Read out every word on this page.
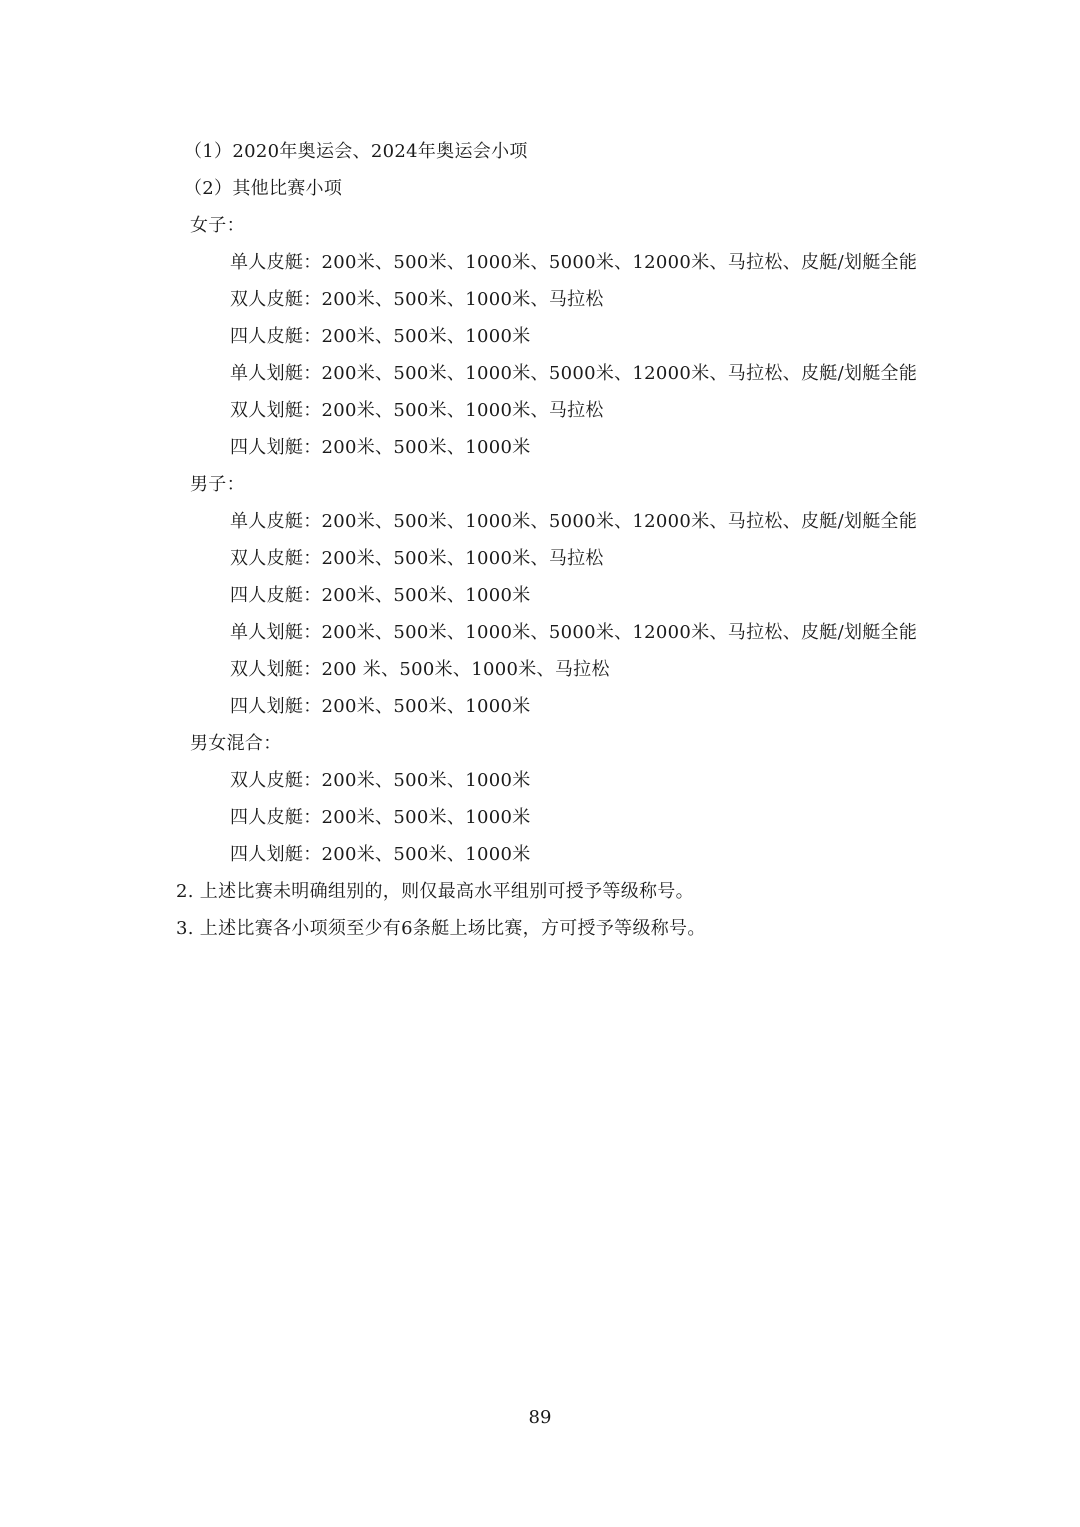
（1）2020年奥运会、2024年奥运会小项
（2）其他比赛小项
女子：
单人皮艇：200米、500米、1000米、5000米、12000米、马拉松、皮艇/划艇全能
双人皮艇：200米、500米、1000米、马拉松
四人皮艇：200米、500米、1000米
单人划艇：200米、500米、1000米、5000米、12000米、马拉松、皮艇/划艇全能
双人划艇：200米、500米、1000米、马拉松
四人划艇：200米、500米、1000米
男子：
单人皮艇：200米、500米、1000米、5000米、12000米、马拉松、皮艇/划艇全能
双人皮艇：200米、500米、1000米、马拉松
四人皮艇：200米、500米、1000米
单人划艇：200米、500米、1000米、5000米、12000米、马拉松、皮艇/划艇全能
双人划艇：200 米、500米、1000米、马拉松
四人划艇：200米、500米、1000米
男女混合：
双人皮艇：200米、500米、1000米
四人皮艇：200米、500米、1000米
四人划艇：200米、500米、1000米
2. 上述比赛未明确组别的，则仅最高水平组别可授予等级称号。
3. 上述比赛各小项须至少有6条艇上场比赛，方可授予等级称号。
89
